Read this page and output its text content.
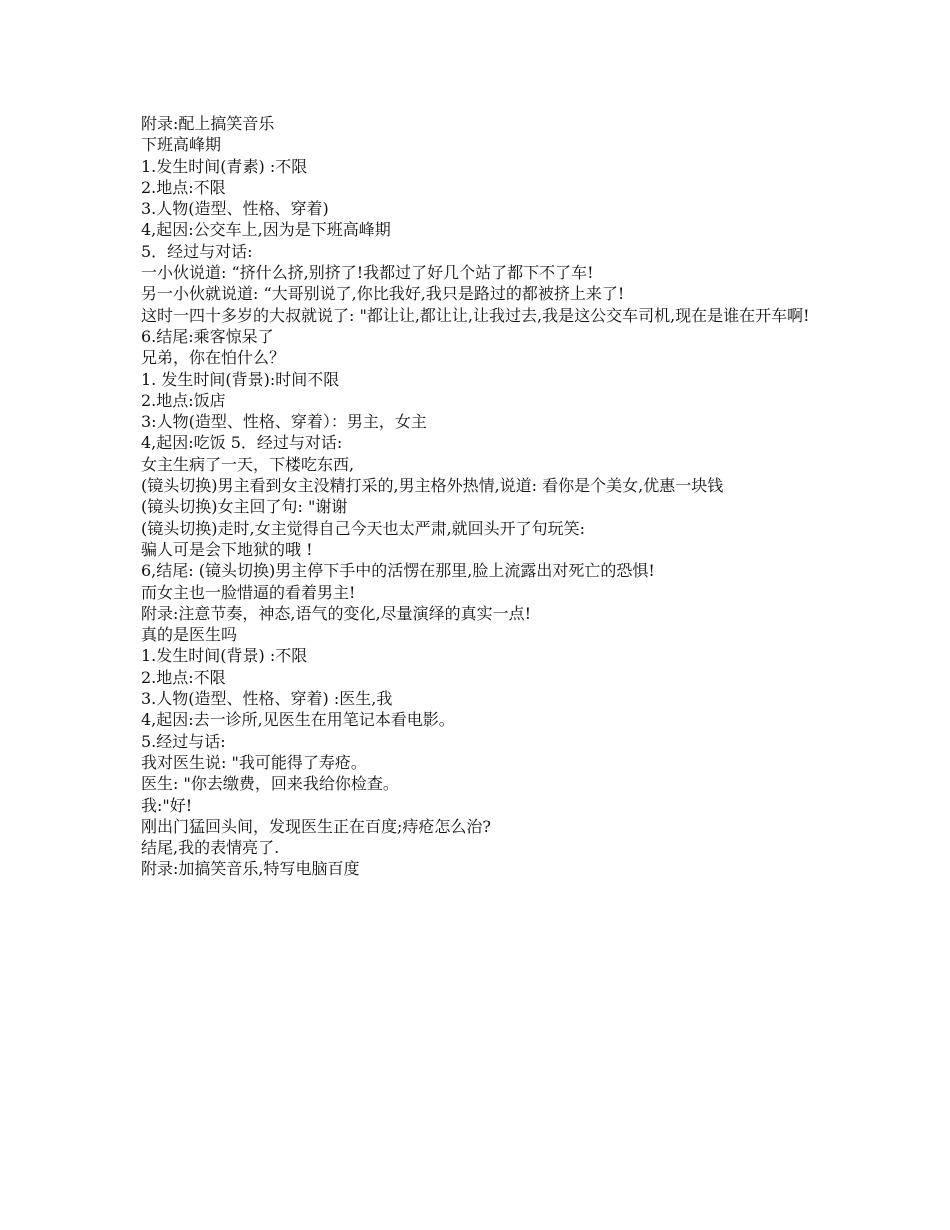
附录:配上搞笑音乐

下班高峰期

1.发生时间(青素) :不限

2.地点:不限

3.人物(造型、性格、穿着)

4,起因:公交车上,因为是下班高峰期

5．经过与对话:

一小伙说道: “挤什么挤,别挤了!我都过了好几个站了都下不了车!

另一小伙就说道: “大哥别说了,你比我好,我只是路过的都被挤上来了!

这时一四十多岁的大叔就说了: "都让让,都让让,让我过去,我是这公交车司机,现在是谁在开车啊!

6.结尾:乘客惊呆了

兄弟，你在怕什么？

1. 发生时间(背景):时间不限

2.地点:饭店

3:人物(造型、性格、穿着）：男主，女主

4,起因:吃饭 5．经过与对话:

女主生病了一天，下楼吃东西,

(镜头切换)男主看到女主没精打采的,男主格外热情,说道: 看你是个美女,优惠一块钱

(镜头切换)女主回了句: "谢谢

(镜头切换)走时,女主觉得自己今天也太严肃,就回头开了句玩笑:

骗人可是会下地狱的哦 !

6,结尾: (镜头切换)男主停下手中的活愣在那里,脸上流露出对死亡的恐惧!

而女主也一脸惜逼的看着男主!

附录:注意节奏，神态,语气的变化,尽量演绎的真实一点!

真的是医生吗

1.发生时间(背景) :不限

2.地点:不限

3.人物(造型、性格、穿着) :医生,我

4,起因:去一诊所,见医生在用笔记本看电影。

5.经过与话:

我对医生说: "我可能得了寿疮。

医生: "你去缴费，回来我给你检查。

我:"好!

刚出门猛回头间，发现医生正在百度;痔疮怎么治?

结尾,我的表情亮了.

附录:加搞笑音乐,特写电脑百度
